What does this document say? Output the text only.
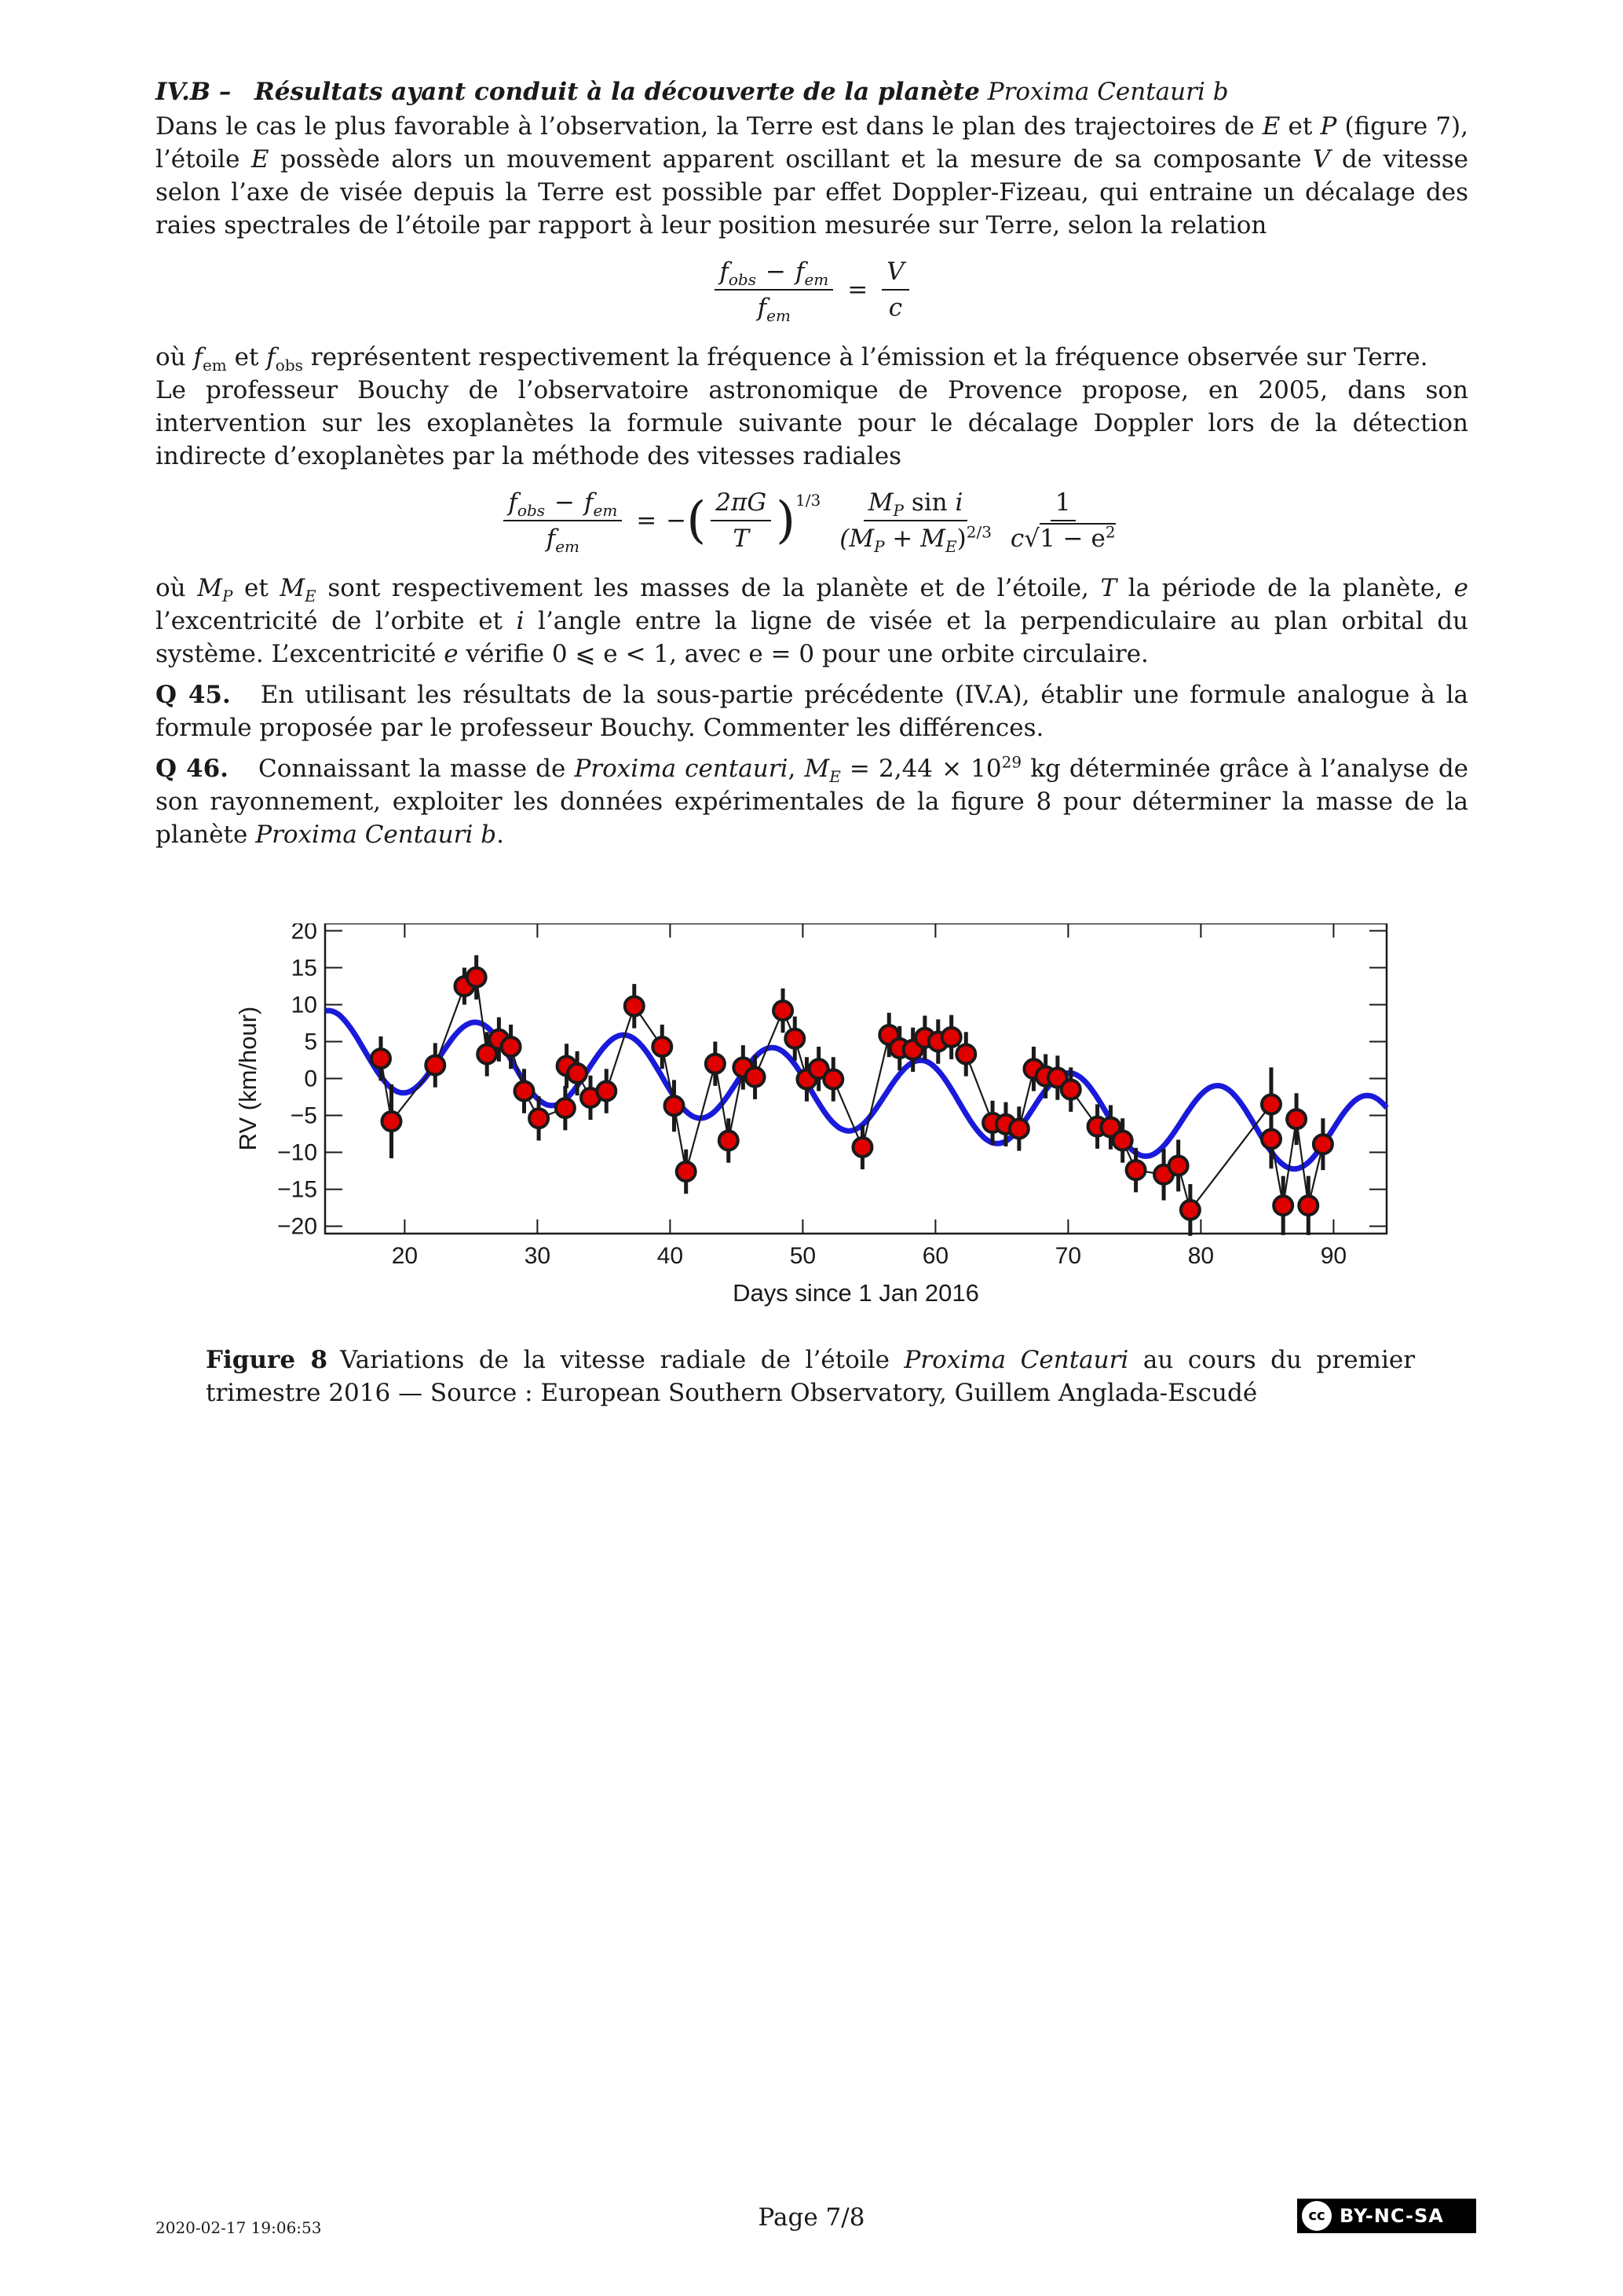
IV.B – Résultats ayant conduit à la découverte de la planète Proxima Centauri b

Dans le cas le plus favorable à l’observation, la Terre est dans le plan des trajectoires de E et P (figure 7), l’étoile E possède alors un mouvement apparent oscillant et la mesure de sa composante V de vitesse selon l’axe de visée depuis la Terre est possible par effet Doppler-Fizeau, qui entraine un décalage des raies spectrales de l’étoile par rapport à leur position mesurée sur Terre, selon la relation

$\frac{f_{obs} - f_{em}}{f_{em}} = \frac{V}{c}$

où $f_{em}$ et $f_{obs}$ représentent respectivement la fréquence à l’émission et la fréquence observée sur Terre.

Le professeur Bouchy de l’observatoire astronomique de Provence propose, en 2005, dans son intervention sur les exoplanètes la formule suivante pour le décalage Doppler lors de la détection indirecte d’exoplanètes par la méthode des vitesses radiales

$\frac{f_{obs} - f_{em}}{f_{em}}$ = − ( $\frac{2\pi G}{T} )^{1/3} \frac{M_P \sin i}{(M_P + M_E)^{2/3}} \frac{1}{c√1 - e^2}$

où $M_P$ et $M_E$ sont respectivement les masses de la planète et de l’étoile, T la période de la planète, e l’excentricité de l’orbite et i l’angle entre la ligne de visée et la perpendiculaire au plan orbital du système. L’excentricité e vérifie 0 ⩽ e < 1, avec e = 0 pour une orbite circulaire.

Q 45. En utilisant les résultats de la sous-partie précédente (IV.A), établir une formule analogue à la formule proposée par le professeur Bouchy. Commenter les différences.

Q 46. Connaissant la masse de Proxima centauri, $M_E = 2,44 \times 10^{29}$ kg déterminée grâce à l’analyse de son rayonnement, exploiter les données expérimentales de la figure 8 pour déterminer la masse de la planète Proxima Centauri b.

20
15
10
5
0
−5
−10
−15
−20
20	30	40	50	60	70	80	90
Days since 1 Jan 2016
RV (km/hour)

Figure 8 Variations de la vitesse radiale de l’étoile Proxima Centauri au cours du premier trimestre 2016 — Source : European Southern Observatory, Guillem Anglada-Escudé

2020-02-17 19:06:53	Page 7/8	cc BY-NC-SA
